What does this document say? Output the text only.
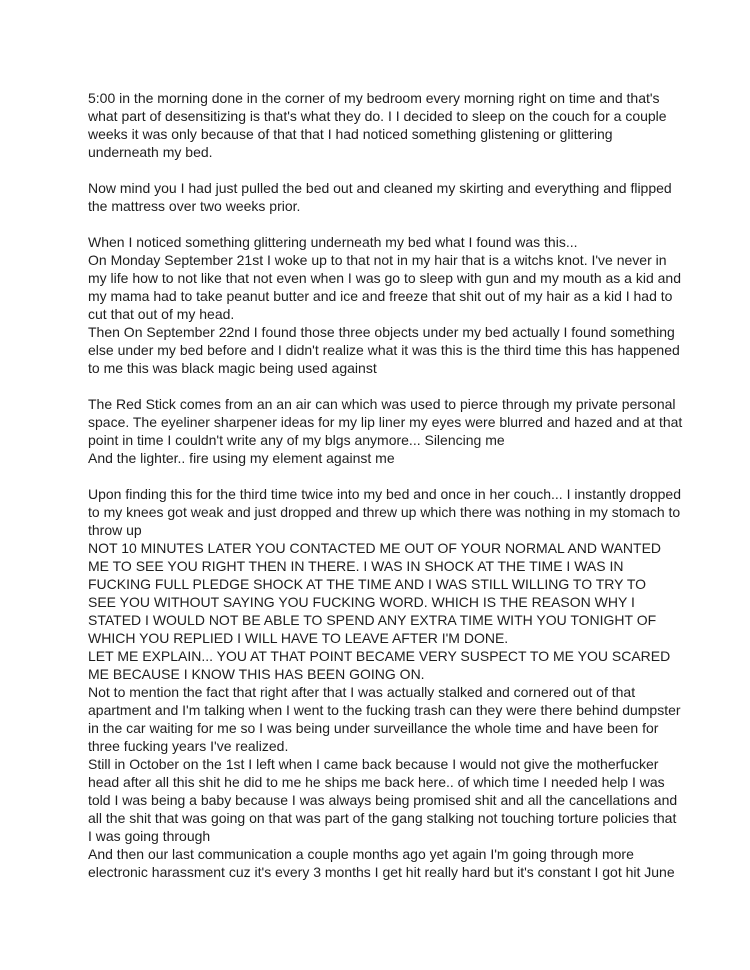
5:00 in the morning done in the corner of my bedroom every morning right on time and that's
what part of desensitizing is that's what they do. I I decided to sleep on the couch for a couple
weeks it was only because of that that I had noticed something glistening or glittering
underneath my bed.
Now mind you I had just pulled the bed out and cleaned my skirting and everything and flipped
the mattress over two weeks prior.
When I noticed something glittering underneath my bed what I found was this...
On Monday September 21st I woke up to that not in my hair that is a witchs knot. I've never in
my life how to not like that not even when I was go to sleep with gun and my mouth as a kid and
my mama had to take peanut butter and ice and freeze that shit out of my hair as a kid I had to
cut that out of my head.
Then On September 22nd I found those three objects under my bed actually I found something
else under my bed before and I didn't realize what it was this is the third time this has happened
to me this was black magic being used against
The Red Stick comes from an an air can which was used to pierce through my private personal
space. The eyeliner sharpener ideas for my lip liner my eyes were blurred and hazed and at that
point in time I couldn't write any of my blgs anymore... Silencing me
And the lighter.. fire using my element against me
Upon finding this for the third time twice into my bed and once in her couch... I instantly dropped
to my knees got weak and just dropped and threw up which there was nothing in my stomach to
throw up
NOT 10 MINUTES LATER YOU CONTACTED ME OUT OF YOUR NORMAL AND WANTED
ME TO SEE YOU RIGHT THEN IN THERE. I WAS IN SHOCK AT THE TIME I WAS IN
FUCKING FULL PLEDGE SHOCK AT THE TIME AND I WAS STILL WILLING TO TRY TO
SEE YOU WITHOUT SAYING YOU FUCKING WORD. WHICH IS THE REASON WHY I
STATED I WOULD NOT BE ABLE TO SPEND ANY EXTRA TIME WITH YOU TONIGHT OF
WHICH YOU REPLIED I WILL HAVE TO LEAVE AFTER I'M DONE.
LET ME EXPLAIN... YOU AT THAT POINT BECAME VERY SUSPECT TO ME YOU SCARED
ME BECAUSE I KNOW THIS HAS BEEN GOING ON.
Not to mention the fact that right after that I was actually stalked and cornered out of that
apartment and I'm talking when I went to the fucking trash can they were there behind dumpster
in the car waiting for me so I was being under surveillance the whole time and have been for
three fucking years I've realized.
Still in October on the 1st I left when I came back because I would not give the motherfucker
head after all this shit he did to me he ships me back here.. of which time I needed help I was
told I was being a baby because I was always being promised shit and all the cancellations and
all the shit that was going on that was part of the gang stalking not touching torture policies that
I was going through
And then our last communication a couple months ago yet again I'm going through more
electronic harassment cuz it's every 3 months I get hit really hard but it's constant I got hit June
